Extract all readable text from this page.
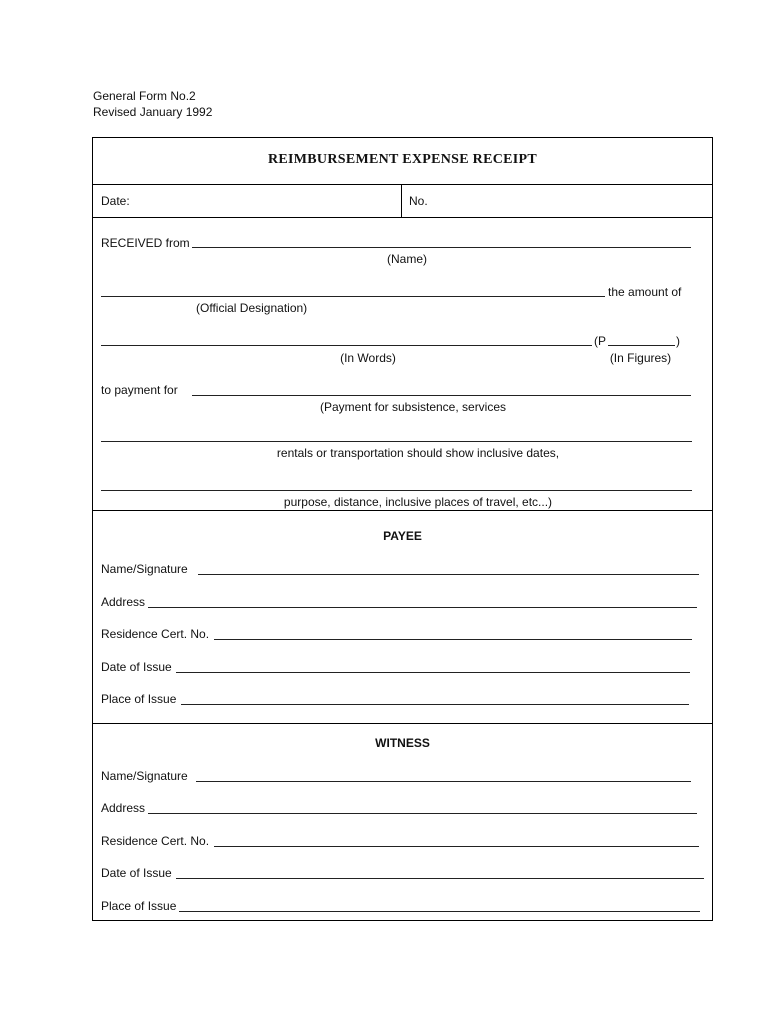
General Form No.2
Revised January 1992
REIMBURSEMENT EXPENSE RECEIPT
Date:	No.
RECEIVED from
(Name)
the amount of
(Official Designation)
(P	)
(In Words)	(In Figures)
to payment for
(Payment for subsistence, services
rentals or transportation should show inclusive dates,
purpose, distance, inclusive places of travel, etc...)
PAYEE
Name/Signature
Address
Residence Cert. No.
Date of Issue
Place of Issue
WITNESS
Name/Signature
Address
Residence Cert. No.
Date of Issue
Place of Issue
